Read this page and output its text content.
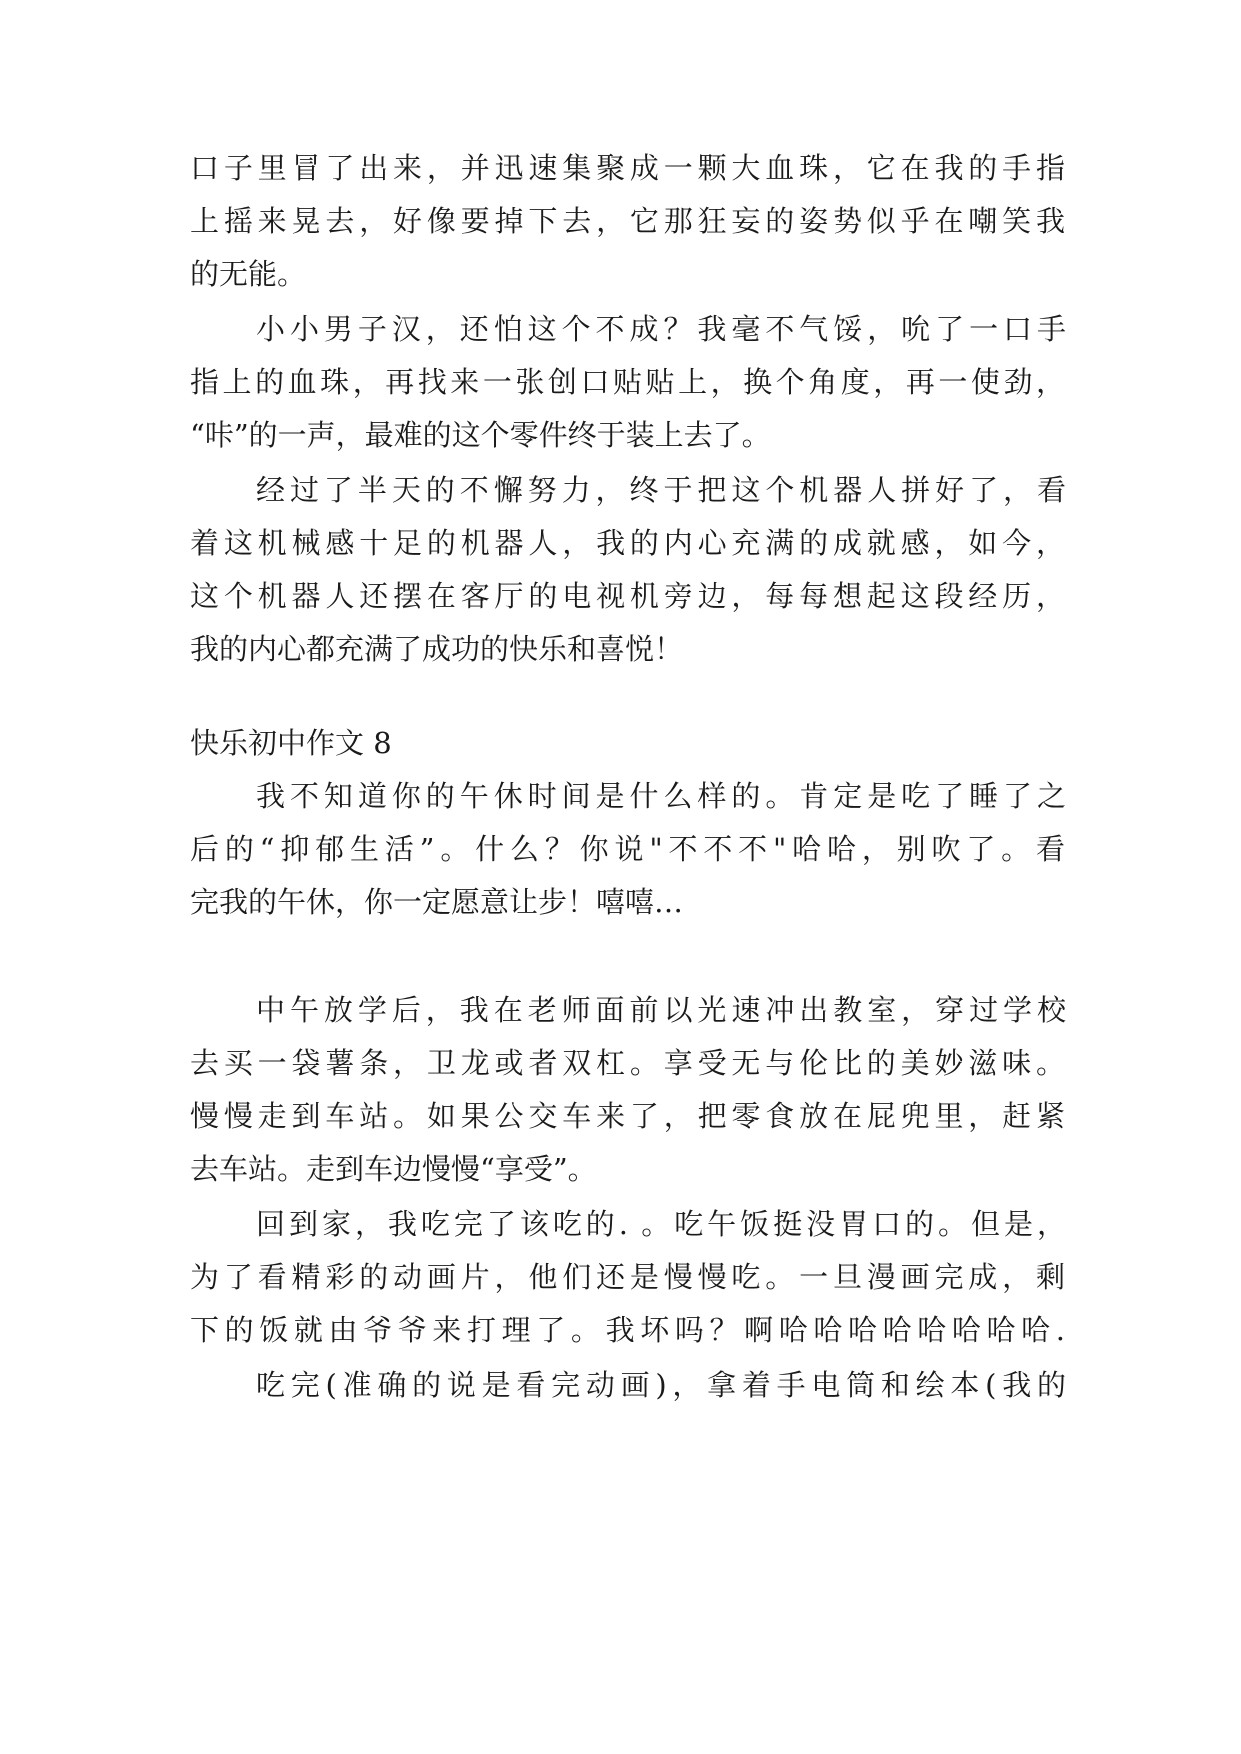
口子里冒了出来，并迅速集聚成一颗大血珠，它在我的手指
上摇来晃去，好像要掉下去，它那狂妄的姿势似乎在嘲笑我
的无能。
小小男子汉，还怕这个不成？我毫不气馁，吮了一口手
指上的血珠，再找来一张创口贴贴上，换个角度，再一使劲，
“咔”的一声，最难的这个零件终于装上去了。
经过了半天的不懈努力，终于把这个机器人拼好了，看
着这机械感十足的机器人，我的内心充满的成就感，如今，
这个机器人还摆在客厅的电视机旁边，每每想起这段经历，
我的内心都充满了成功的快乐和喜悦！
快乐初中作文 8
我不知道你的午休时间是什么样的。肯定是吃了睡了之
后的“抑郁生活”。什么？你说"不不不"哈哈，别吹了。看
完我的午休，你一定愿意让步！嘻嘻…
中午放学后，我在老师面前以光速冲出教室，穿过学校
去买一袋薯条，卫龙或者双杠。享受无与伦比的美妙滋味。
慢慢走到车站。如果公交车来了，把零食放在屁兜里，赶紧
去车站。走到车边慢慢“享受”。
回到家，我吃完了该吃的. 。吃午饭挺没胃口的。但是，
为了看精彩的动画片，他们还是慢慢吃。一旦漫画完成，剩
下的饭就由爷爷来打理了。我坏吗？啊哈哈哈哈哈哈哈哈.
吃完(准确的说是看完动画)，拿着手电筒和绘本(我的
